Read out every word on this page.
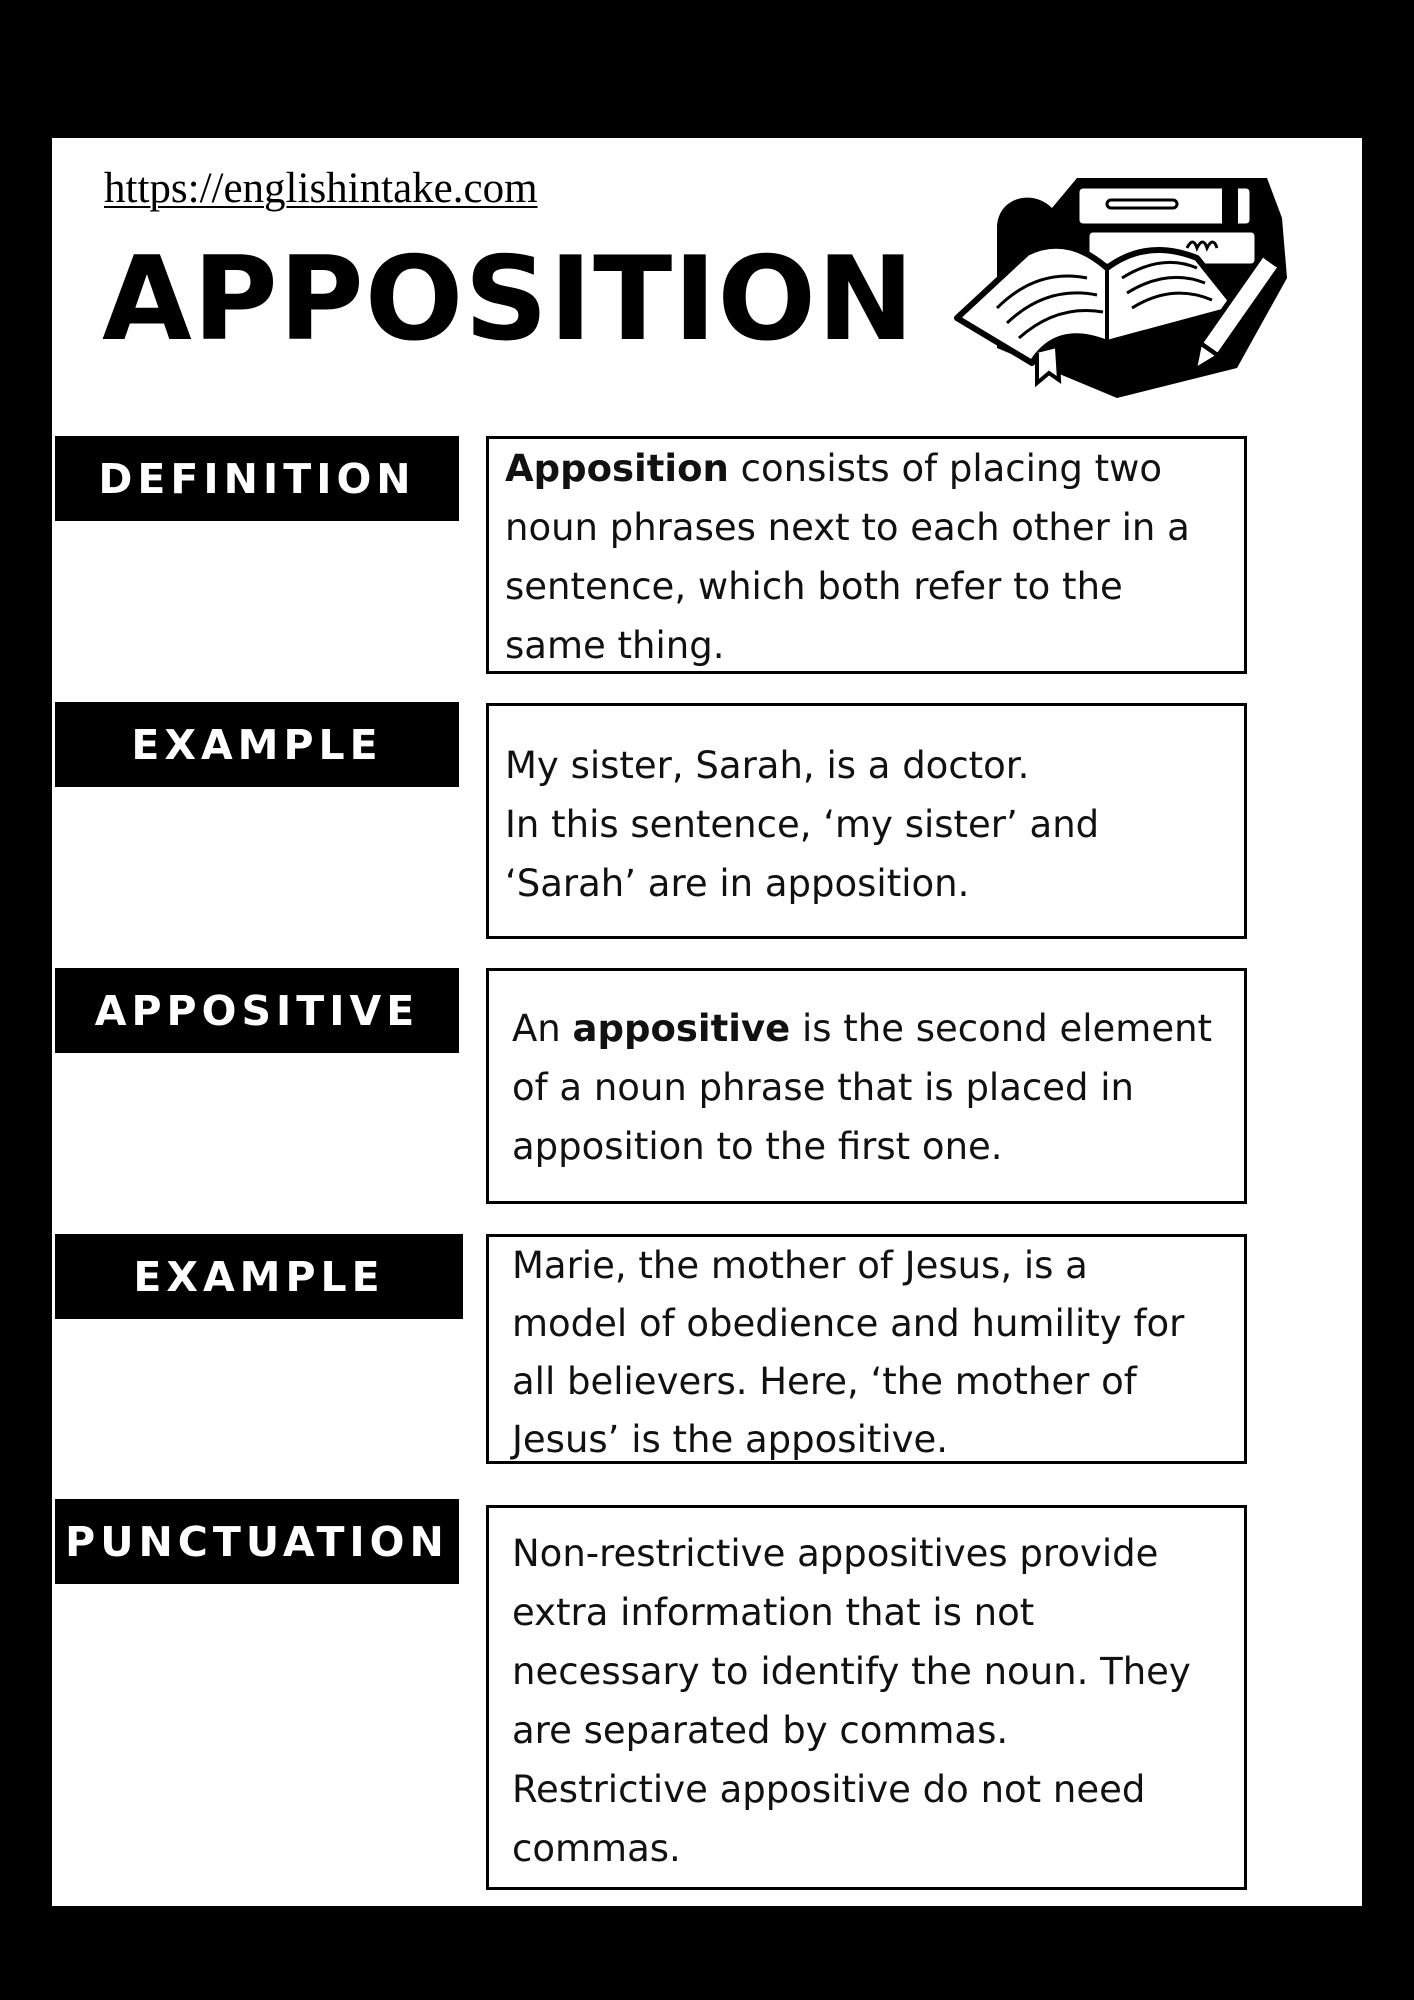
https://englishintake.com
APPOSITION
DEFINITION Apposition consists of placing two
noun phrases next to each other in a
sentence, which both refer to the
same thing.
EXAMPLE	My sister, Sarah, is a doctor.
In this sentence, ‘my sister’ and
‘Sarah’ are in apposition.
APPOSITIVE	An appositive is the second element
of a noun phrase that is placed in
apposition to the first one.
EXAMPLE	Marie, the mother of Jesus, is a
model of obedience and humility for
all believers. Here, ‘the mother of
Jesus’ is the appositive.
PUNCTUATION Non-restrictive appositives provide
extra information that is not
necessary to identify the noun. They
are separated by commas.
Restrictive appositive do not need
commas.
